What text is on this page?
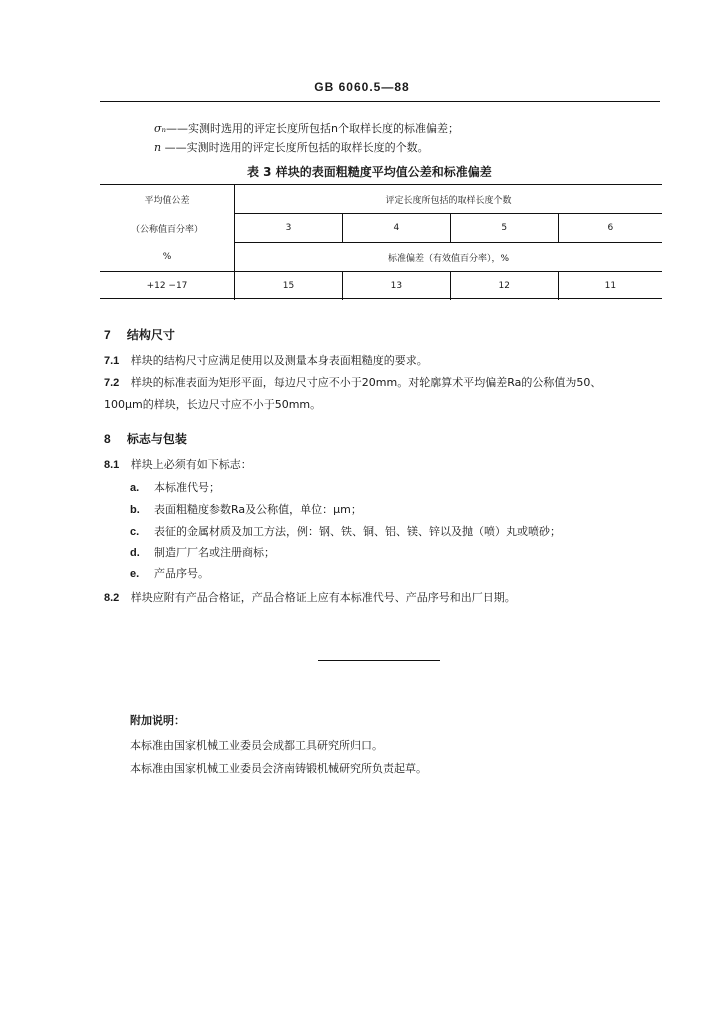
GB 6060.5—88
σₙ——实测时选用的评定长度所包括n个取样长度的标准偏差；
n ——实测时选用的评定长度所包括的取样长度的个数。
表 3 样块的表面粗糙度平均值公差和标准偏差
平均值公差	评定长度所包括的取样长度个数			
（公称值百分率）	3	4	5	6
%	标准偏差（有效值百分率），%			
+12 −17	15	13	12	11
7 结构尺寸
7.1 样块的结构尺寸应满足使用以及测量本身表面粗糙度的要求。
7.2 样块的标准表面为矩形平面，每边尺寸应不小于20mm。对轮廓算术平均偏差Ra的公称值为50、
100μm的样块，长边尺寸应不小于50mm。
8 标志与包装
8.1 样块上必须有如下标志：
a. 本标准代号；
b. 表面粗糙度参数Ra及公称值，单位：μm；
c. 表征的金属材质及加工方法，例：钢、铁、铜、铝、镁、锌以及抛（喷）丸或喷砂；
d. 制造厂厂名或注册商标；
e. 产品序号。
8.2 样块应附有产品合格证，产品合格证上应有本标准代号、产品序号和出厂日期。
附加说明：
本标准由国家机械工业委员会成都工具研究所归口。
本标准由国家机械工业委员会济南铸锻机械研究所负责起草。
